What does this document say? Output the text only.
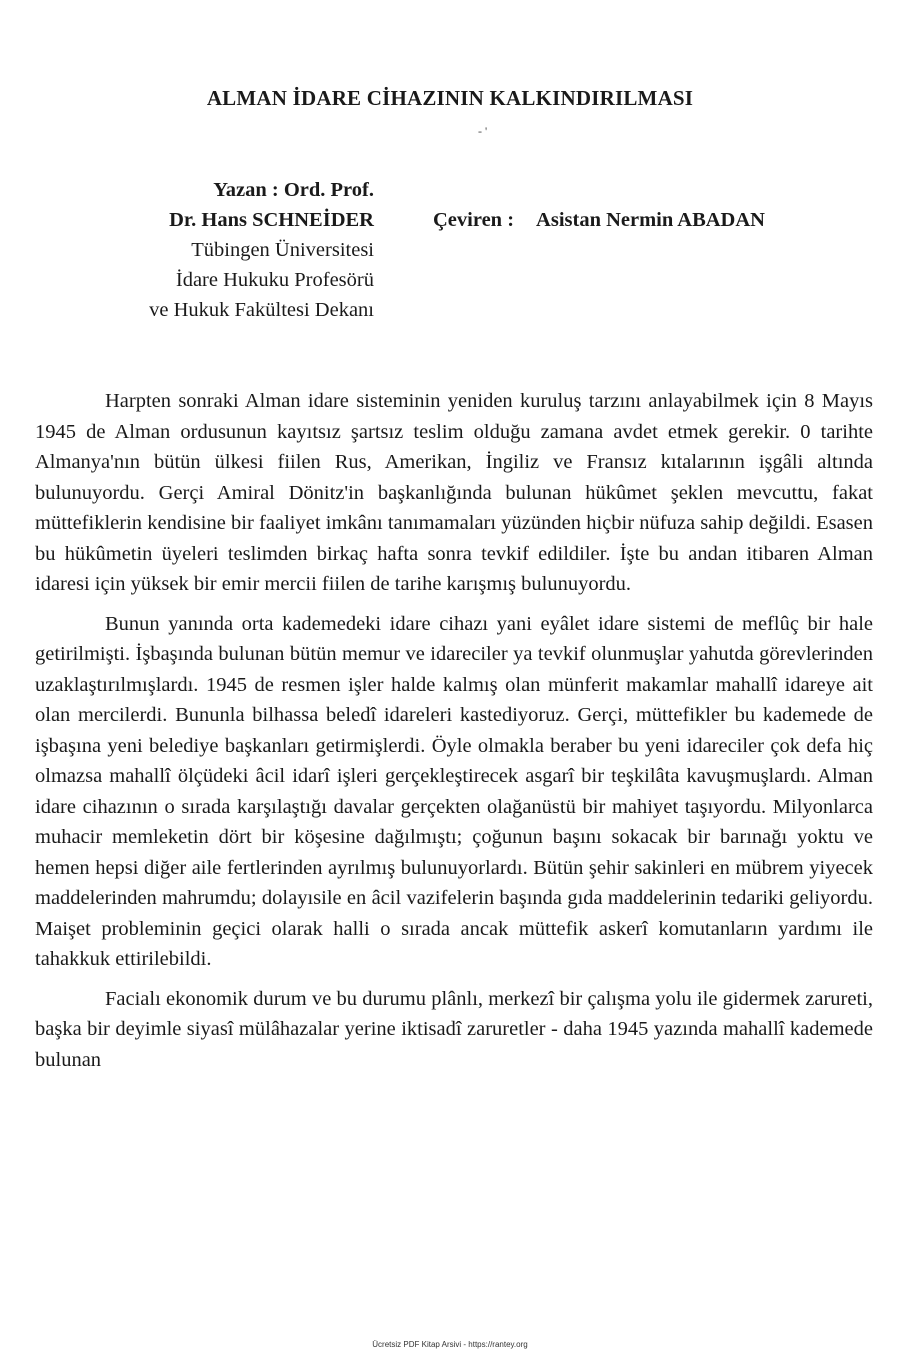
ALMAN İDARE CİHAZININ KALKINDIRILMASI
- '
Yazan : Ord. Prof.
Dr. Hans SCHNEİDER
Tübingen Üniversitesi
İdare Hukuku Profesörü
ve Hukuk Fakültesi Dekanı
Çeviren : Asistan Nermin ABADAN

Harpten sonraki Alman idare sisteminin yeniden kuruluş tarzını anlayabilmek için 8 Mayıs 1945 de Alman ordusunun kayıtsız şartsız teslim olduğu zamana avdet etmek gerekir. 0 tarihte Almanya'nın bütün ülkesi fiilen Rus, Amerikan, İngiliz ve Fransız kıtalarının işgâli altında bulunuyordu. Gerçi Amiral Dönitz'in başkanlığında bulunan hükûmet şeklen mevcuttu, fakat müttefiklerin kendisine bir faaliyet imkânı tanımamaları yüzünden hiçbir nüfuza sahip değildi. Esasen bu hükûmetin üyeleri teslimden birkaç hafta sonra tevkif edildiler. İşte bu andan itibaren Alman idaresi için yüksek bir emir mercii fiilen de tarihe karışmış bulunuyordu.

Bunun yanında orta kademedeki idare cihazı yani eyâlet idare sistemi de meflûç bir hale getirilmişti. İşbaşında bulunan bütün memur ve idareciler ya tevkif olunmuşlar yahutda görevlerinden uzaklaştırılmışlardı. 1945 de resmen işler halde kalmış olan münferit makamlar mahallî idareye ait olan mercilerdi. Bununla bilhassa beledî idareleri kastediyoruz. Gerçi, müttefikler bu kademede de işbaşına yeni belediye başkanları getirmişlerdi. Öyle olmakla beraber bu yeni idareciler çok defa hiç olmazsa mahallî ölçüdeki âcil idarî işleri gerçekleştirecek asgarî bir teşkilâta kavuşmuşlardı. Alman idare cihazının o sırada karşılaştığı davalar gerçekten olağanüstü bir mahiyet taşıyordu. Milyonlarca muhacir memleketin dört bir köşesine dağılmıştı; çoğunun başını sokacak bir barınağı yoktu ve hemen hepsi diğer aile fertlerinden ayrılmış bulunuyorlardı. Bütün şehir sakinleri en mübrem yiyecek maddelerinden mahrumdu; dolayısile en âcil vazifelerin başında gıda maddelerinin tedariki geliyordu. Maişet probleminin geçici olarak halli o sırada ancak müttefik askerî komutanların yardımı ile tahakkuk ettirilebildi.

Facialı ekonomik durum ve bu durumu plânlı, merkezî bir çalışma yolu ile gidermek zarureti, başka bir deyimle siyasî mülâhazalar yerine iktisadî zaruretler - daha 1945 yazında mahallî kademede bulunan

Ücretsiz PDF Kitap Arsivi - https://rantey.org
